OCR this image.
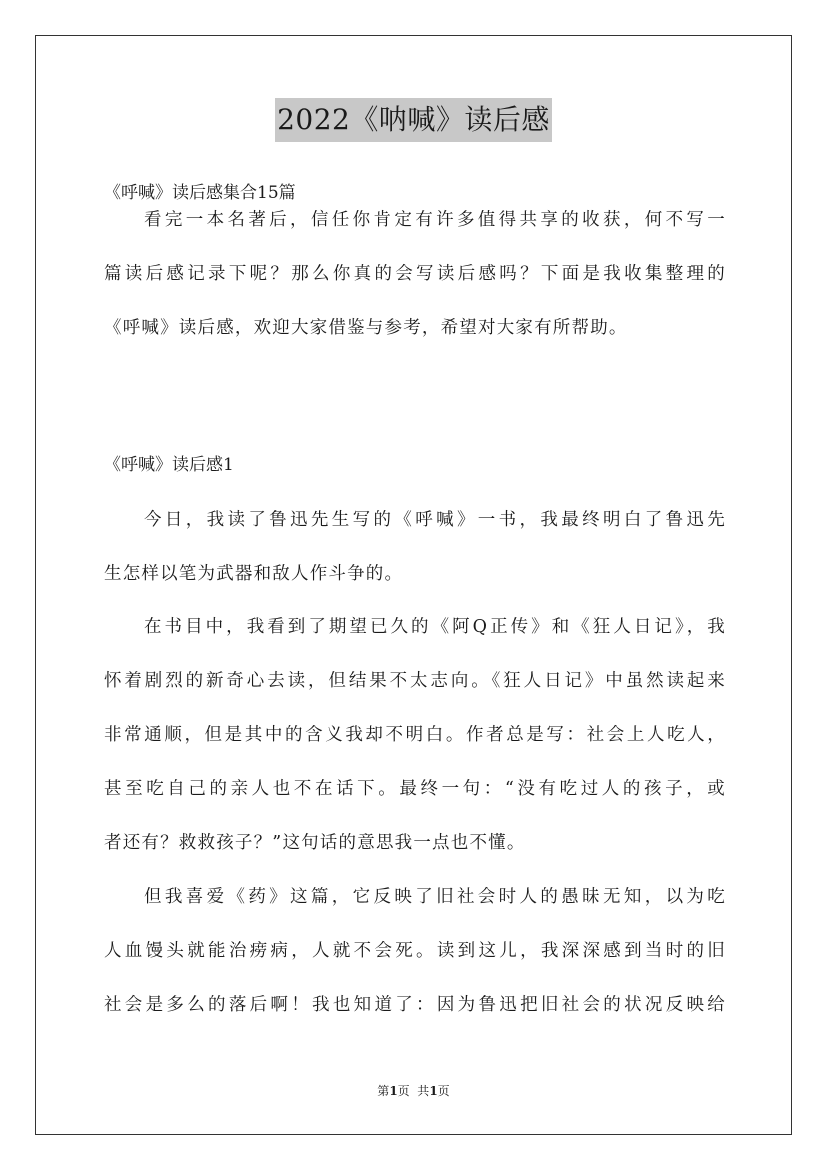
2022《呐喊》读后感
《呼喊》读后感集合15篇
看完一本名著后，信任你肯定有许多值得共享的收获，何不写一
篇读后感记录下呢？那么你真的会写读后感吗？下面是我收集整理的
《呼喊》读后感，欢迎大家借鉴与参考，希望对大家有所帮助。
《呼喊》读后感1
今日，我读了鲁迅先生写的《呼喊》一书，我最终明白了鲁迅先
生怎样以笔为武器和敌人作斗争的。
在书目中，我看到了期望已久的《阿Q正传》和《狂人日记》，我
怀着剧烈的新奇心去读，但结果不太志向。《狂人日记》中虽然读起来
非常通顺，但是其中的含义我却不明白。作者总是写：社会上人吃人，
甚至吃自己的亲人也不在话下。最终一句：“没有吃过人的孩子，或
者还有？救救孩子？”这句话的意思我一点也不懂。
但我喜爱《药》这篇，它反映了旧社会时人的愚昧无知，以为吃
人血馒头就能治痨病，人就不会死。读到这儿，我深深感到当时的旧
社会是多么的落后啊！我也知道了：因为鲁迅把旧社会的状况反映给
第1页  共1页
